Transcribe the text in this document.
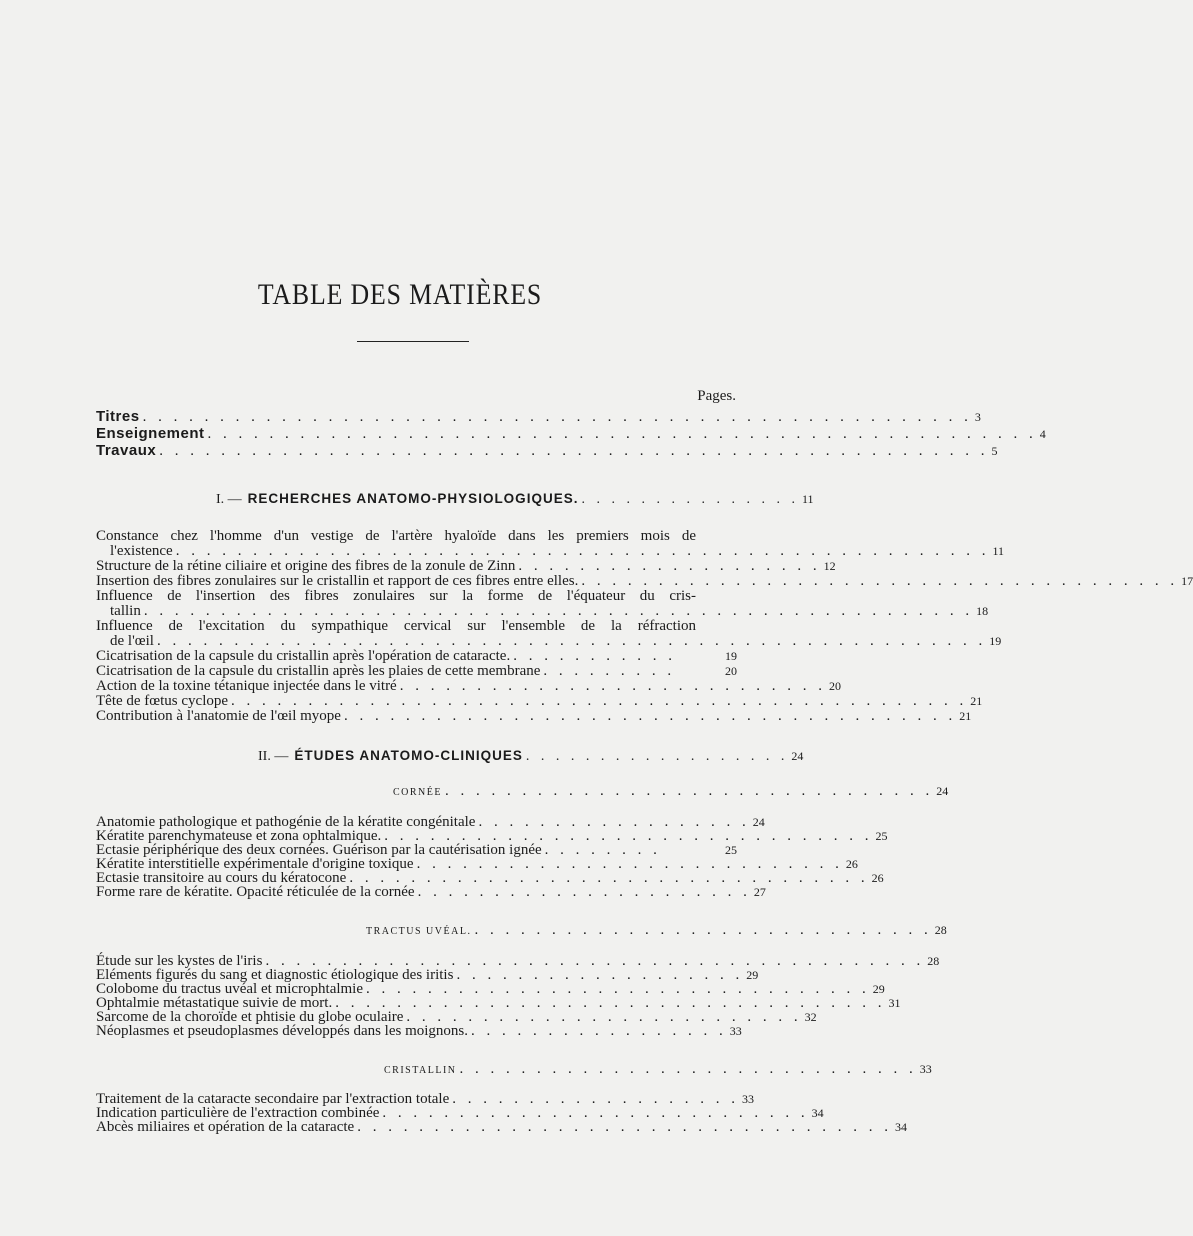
TABLE DES MATIÈRES
Pages.
Titres . . . . . . . . . . . . . . . . . . . . . . . . . . . . . . . . . . . . . . . . . . . . . . . . . . . . . . 3
Enseignement . . . . . . . . . . . . . . . . . . . . . . . . . . . . . . . . . . . . . . . . . . . . . . . . . . . . . . 4
Travaux . . . . . . . . . . . . . . . . . . . . . . . . . . . . . . . . . . . . . . . . . . . . . . . . . . . . . . 5
I. — RECHERCHES ANATOMO-PHYSIOLOGIQUES. . . . . . . . . . . . . . . . 11
Constance chez l'homme d'un vestige de l'artère hyaloïde dans les premiers mois de
l'existence . . . . . . . . . . . . . . . . . . . . . . . . . . . . . . . . . . . . . . . . . . . . . . . . . . . . . 11
Structure de la rétine ciliaire et origine des fibres de la zonule de Zinn . . . . . . . . . . . . . . . . . . . . 12
Insertion des fibres zonulaires sur le cristallin et rapport de ces fibres entre elles. . . . . . . . . . . . . . . . . . . . . . . . . . . . . . . . . . . . . . . . 17
Influence de l'insertion des fibres zonulaires sur la forme de l'équateur du cris-
tallin . . . . . . . . . . . . . . . . . . . . . . . . . . . . . . . . . . . . . . . . . . . . . . . . . . . . . . 18
Influence de l'excitation du sympathique cervical sur l'ensemble de la réfraction
de l'œil . . . . . . . . . . . . . . . . . . . . . . . . . . . . . . . . . . . . . . . . . . . . . . . . . . . . . . 19
Cicatrisation de la capsule du cristallin après l'opération de cataracte. . . . . . . . . . . .	19
Cicatrisation de la capsule du cristallin après les plaies de cette membrane . . . . . . . . .	20
Action de la toxine tétanique injectée dans le vitré . . . . . . . . . . . . . . . . . . . . . . . . . . . . 20
Tête de fœtus cyclope . . . . . . . . . . . . . . . . . . . . . . . . . . . . . . . . . . . . . . . . . . . . . . . . 21
Contribution à l'anatomie de l'œil myope . . . . . . . . . . . . . . . . . . . . . . . . . . . . . . . . . . . . . . . . 21
II. — ÉTUDES ANATOMO-CLINIQUES . . . . . . . . . . . . . . . . . . 24
CORNÉE . . . . . . . . . . . . . . . . . . . . . . . . . . . . . . . . 24
Anatomie pathologique et pathogénie de la kératite congénitale . . . . . . . . . . . . . . . . . . 24
Kératite parenchymateuse et zona ophtalmique. . . . . . . . . . . . . . . . . . . . . . . . . . . . . . . . . 25
Ectasie périphérique des deux cornées. Guérison par la cautérisation ignée . . . . . . . .	25
Kératite interstitielle expérimentale d'origine toxique . . . . . . . . . . . . . . . . . . . . . . . . . . . . 26
Ectasie transitoire au cours du kératocone . . . . . . . . . . . . . . . . . . . . . . . . . . . . . . . . . . 26
Forme rare de kératite. Opacité réticulée de la cornée . . . . . . . . . . . . . . . . . . . . . . 27
TRACTUS UVÉAL. . . . . . . . . . . . . . . . . . . . . . . . . . . . . . . 28
Étude sur les kystes de l'iris . . . . . . . . . . . . . . . . . . . . . . . . . . . . . . . . . . . . . . . . . . . 28
Eléments figurés du sang et diagnostic étiologique des iritis . . . . . . . . . . . . . . . . . . . 29
Colobome du tractus uvéal et microphtalmie . . . . . . . . . . . . . . . . . . . . . . . . . . . . . . . . . 29
Ophtalmie métastatique suivie de mort. . . . . . . . . . . . . . . . . . . . . . . . . . . . . . . . . . . . . 31
Sarcome de la choroïde et phtisie du globe oculaire . . . . . . . . . . . . . . . . . . . . . . . . . . 32
Néoplasmes et pseudoplasmes développés dans les moignons. . . . . . . . . . . . . . . . . . 33
CRISTALLIN . . . . . . . . . . . . . . . . . . . . . . . . . . . . . . 33
Traitement de la cataracte secondaire par l'extraction totale . . . . . . . . . . . . . . . . . . . 33
Indication particulière de l'extraction combinée . . . . . . . . . . . . . . . . . . . . . . . . . . . . 34
Abcès miliaires et opération de la cataracte . . . . . . . . . . . . . . . . . . . . . . . . . . . . . . . . . . . 34
